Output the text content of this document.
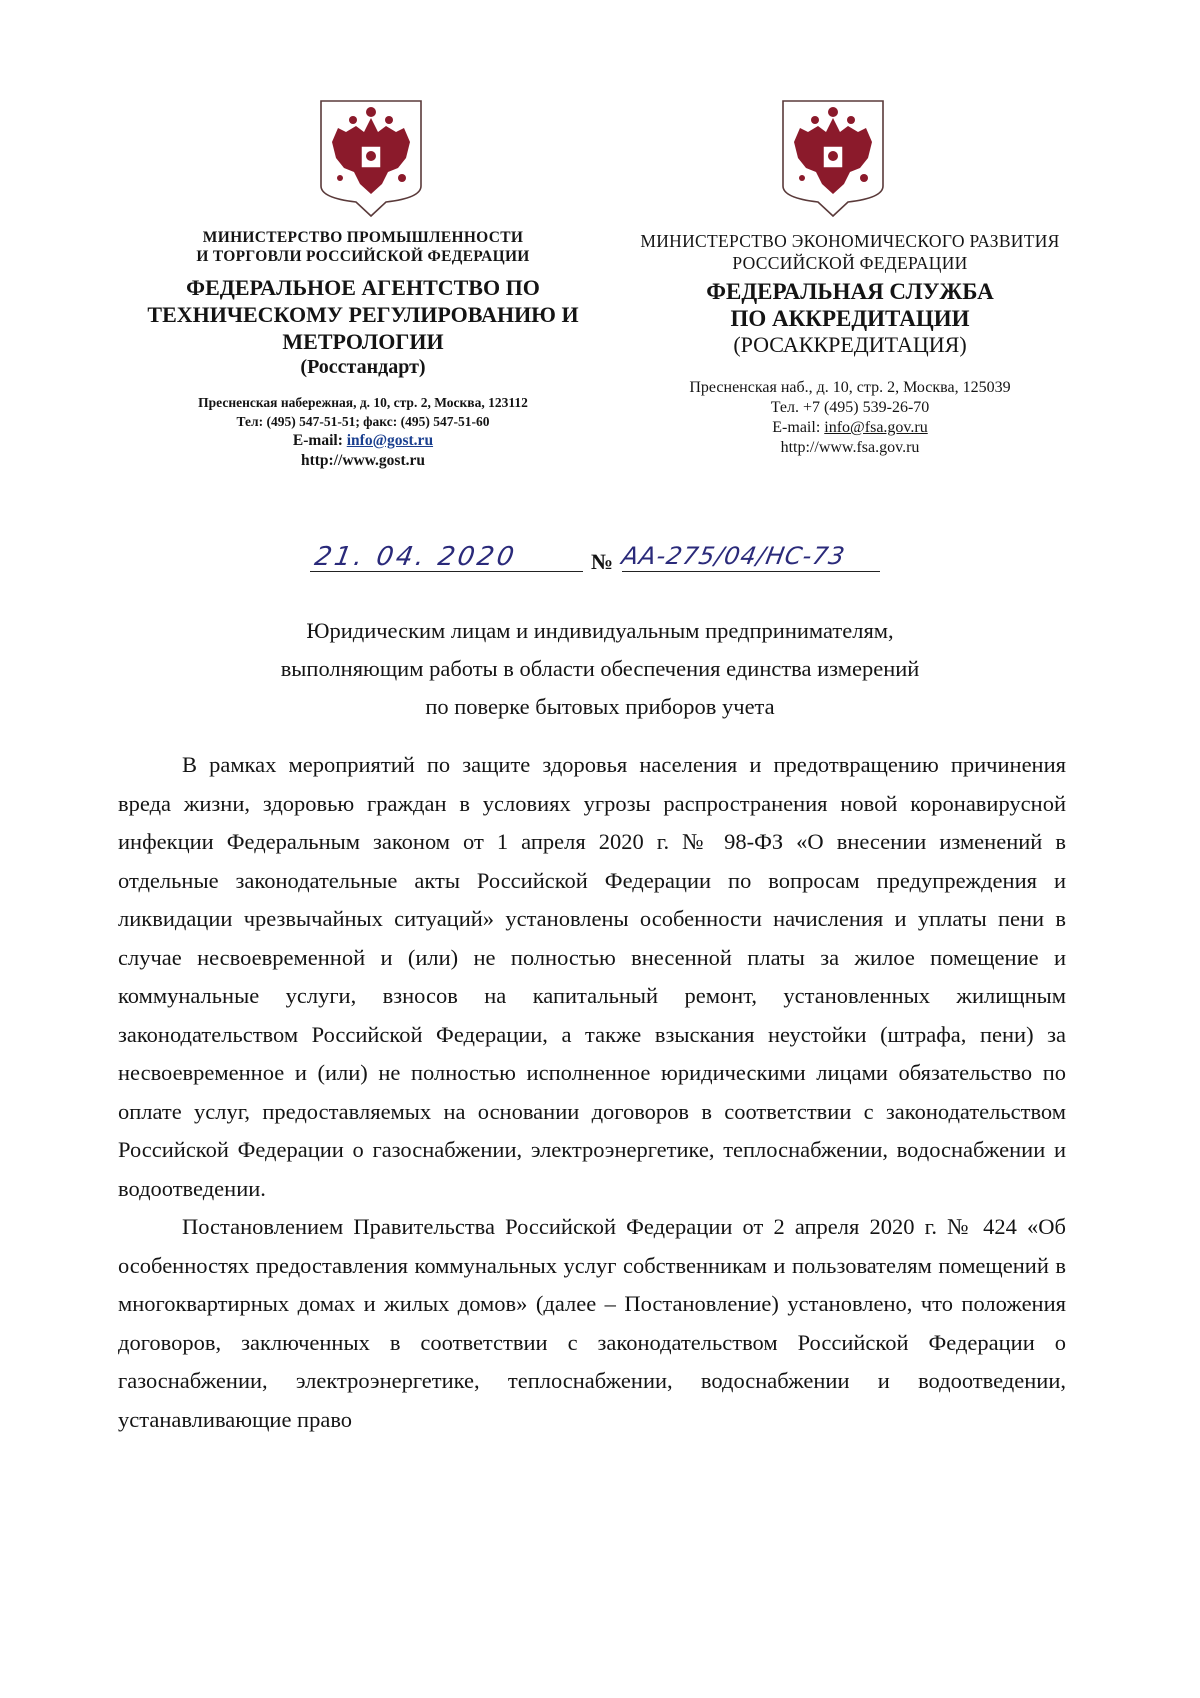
МИНИСТЕРСТВО ПРОМЫШЛЕННОСТИ
И ТОРГОВЛИ РОССИЙСКОЙ ФЕДЕРАЦИИ
ФЕДЕРАЛЬНОЕ АГЕНТСТВО ПО
ТЕХНИЧЕСКОМУ РЕГУЛИРОВАНИЮ И
МЕТРОЛОГИИ
(Росстандарт)
Пресненская набережная, д. 10, стр. 2, Москва, 123112
Тел: (495) 547-51-51; факс: (495) 547-51-60
E-mail: info@gost.ru
http://www.gost.ru
МИНИСТЕРСТВО ЭКОНОМИЧЕСКОГО РАЗВИТИЯ
РОССИЙСКОЙ ФЕДЕРАЦИИ
ФЕДЕРАЛЬНАЯ СЛУЖБА
ПО АККРЕДИТАЦИИ
(РОСАККРЕДИТАЦИЯ)
Пресненская наб., д. 10, стр. 2, Москва, 125039
Тел. +7 (495) 539-26-70
E-mail: info@fsa.gov.ru
http://www.fsa.gov.ru
21. 04. 2020	№ АА-275/04/НС-73
Юридическим лицам и индивидуальным предпринимателям,
выполняющим работы в области обеспечения единства измерений
по поверке бытовых приборов учета

В рамках мероприятий по защите здоровья населения и предотвращению причинения вреда жизни, здоровью граждан в условиях угрозы распространения новой коронавирусной инфекции Федеральным законом от 1 апреля 2020 г. № 98-ФЗ «О внесении изменений в отдельные законодательные акты Российской Федерации по вопросам предупреждения и ликвидации чрезвычайных ситуаций» установлены особенности начисления и уплаты пени в случае несвоевременной и (или) не полностью внесенной платы за жилое помещение и коммунальные услуги, взносов на капитальный ремонт, установленных жилищным законодательством Российской Федерации, а также взыскания неустойки (штрафа, пени) за несвоевременное и (или) не полностью исполненное юридическими лицами обязательство по оплате услуг, предоставляемых на основании договоров в соответствии с законодательством Российской Федерации о газоснабжении, электроэнергетике, теплоснабжении, водоснабжении и водоотведении.

Постановлением Правительства Российской Федерации от 2 апреля 2020 г. № 424 «Об особенностях предоставления коммунальных услуг собственникам и пользователям помещений в многоквартирных домах и жилых домов» (далее – Постановление) установлено, что положения договоров, заключенных в соответствии с законодательством Российской Федерации о газоснабжении, электроэнергетике, теплоснабжении, водоснабжении и водоотведении, устанавливающие право
